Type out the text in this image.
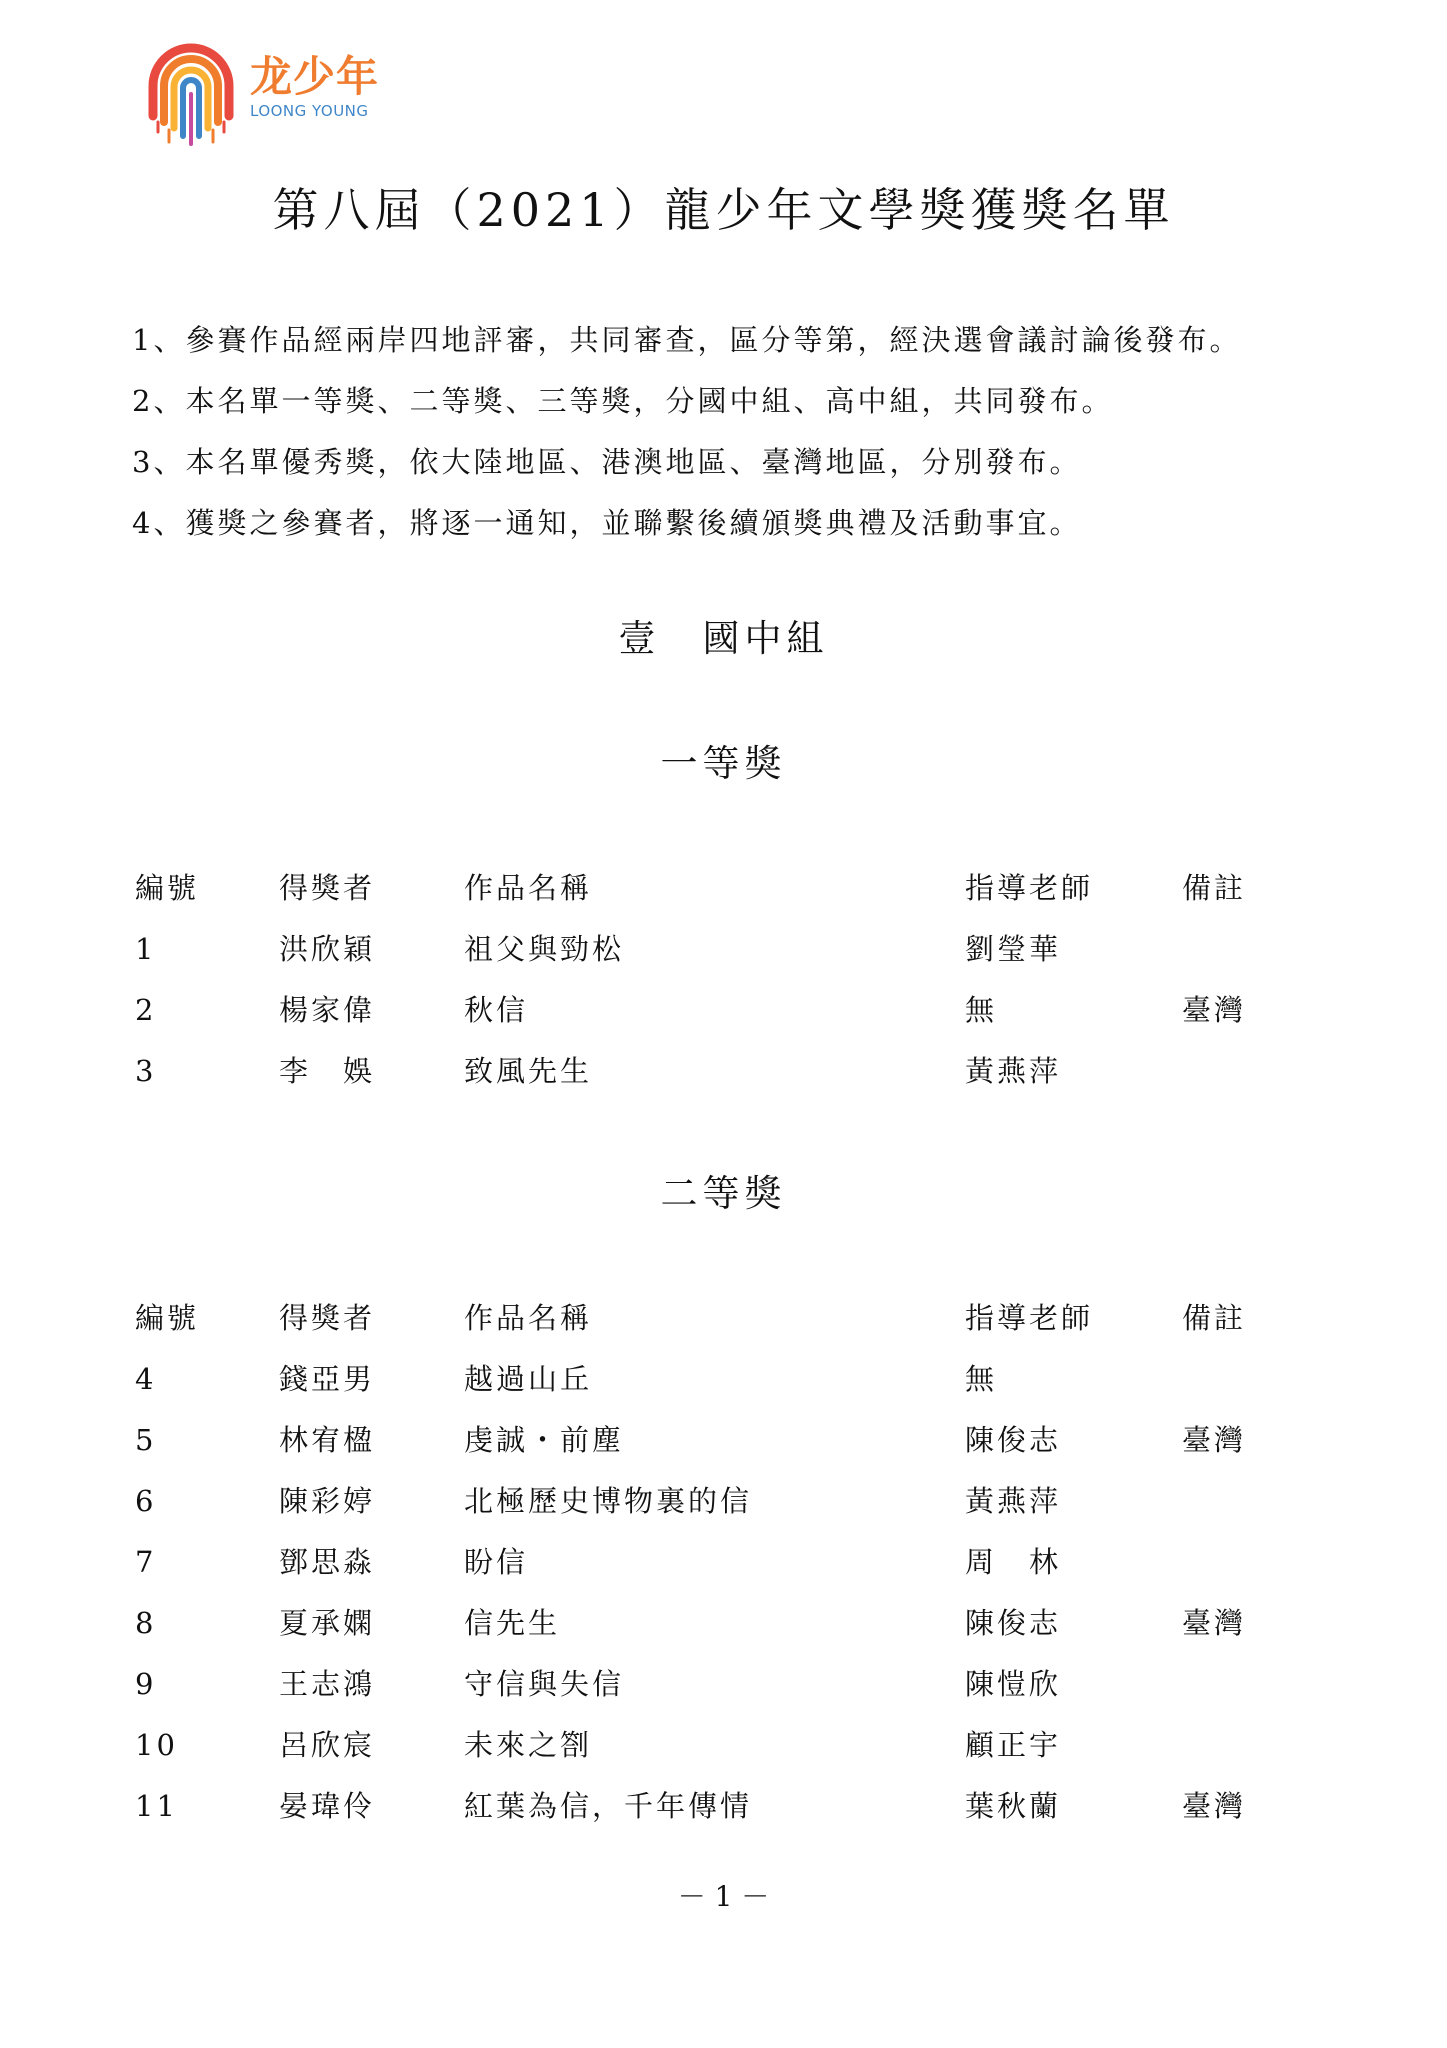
龙少年
LOONG YOUNG
第八屆（2021）龍少年文學獎獲獎名單
1、參賽作品經兩岸四地評審，共同審查，區分等第，經決選會議討論後發布。
2、本名單一等獎、二等獎、三等獎，分國中組、高中組，共同發布。
3、本名單優秀獎，依大陸地區、港澳地區、臺灣地區，分別發布。
4、獲獎之參賽者，將逐一通知，並聯繫後續頒獎典禮及活動事宜。
壹　國中組
一等獎
編號	得獎者	作品名稱	指導老師	備註
1	洪欣穎	祖父與勁松	劉瑩華
2	楊家偉	秋信	無	臺灣
3	李　娛	致風先生	黃燕萍
二等獎
編號	得獎者	作品名稱	指導老師	備註
4	錢亞男	越過山丘	無
5	林宥楹	虔誠・前塵	陳俊志	臺灣
6	陳彩婷	北極歷史博物裏的信	黃燕萍
7	鄧思淼	盼信	周　林
8	夏承嫻	信先生	陳俊志	臺灣
9	王志鴻	守信與失信	陳愷欣
10	呂欣宸	未來之劄	顧正宇
11	晏瑋伶	紅葉為信，千年傳情	葉秋蘭	臺灣
－ 1 －
